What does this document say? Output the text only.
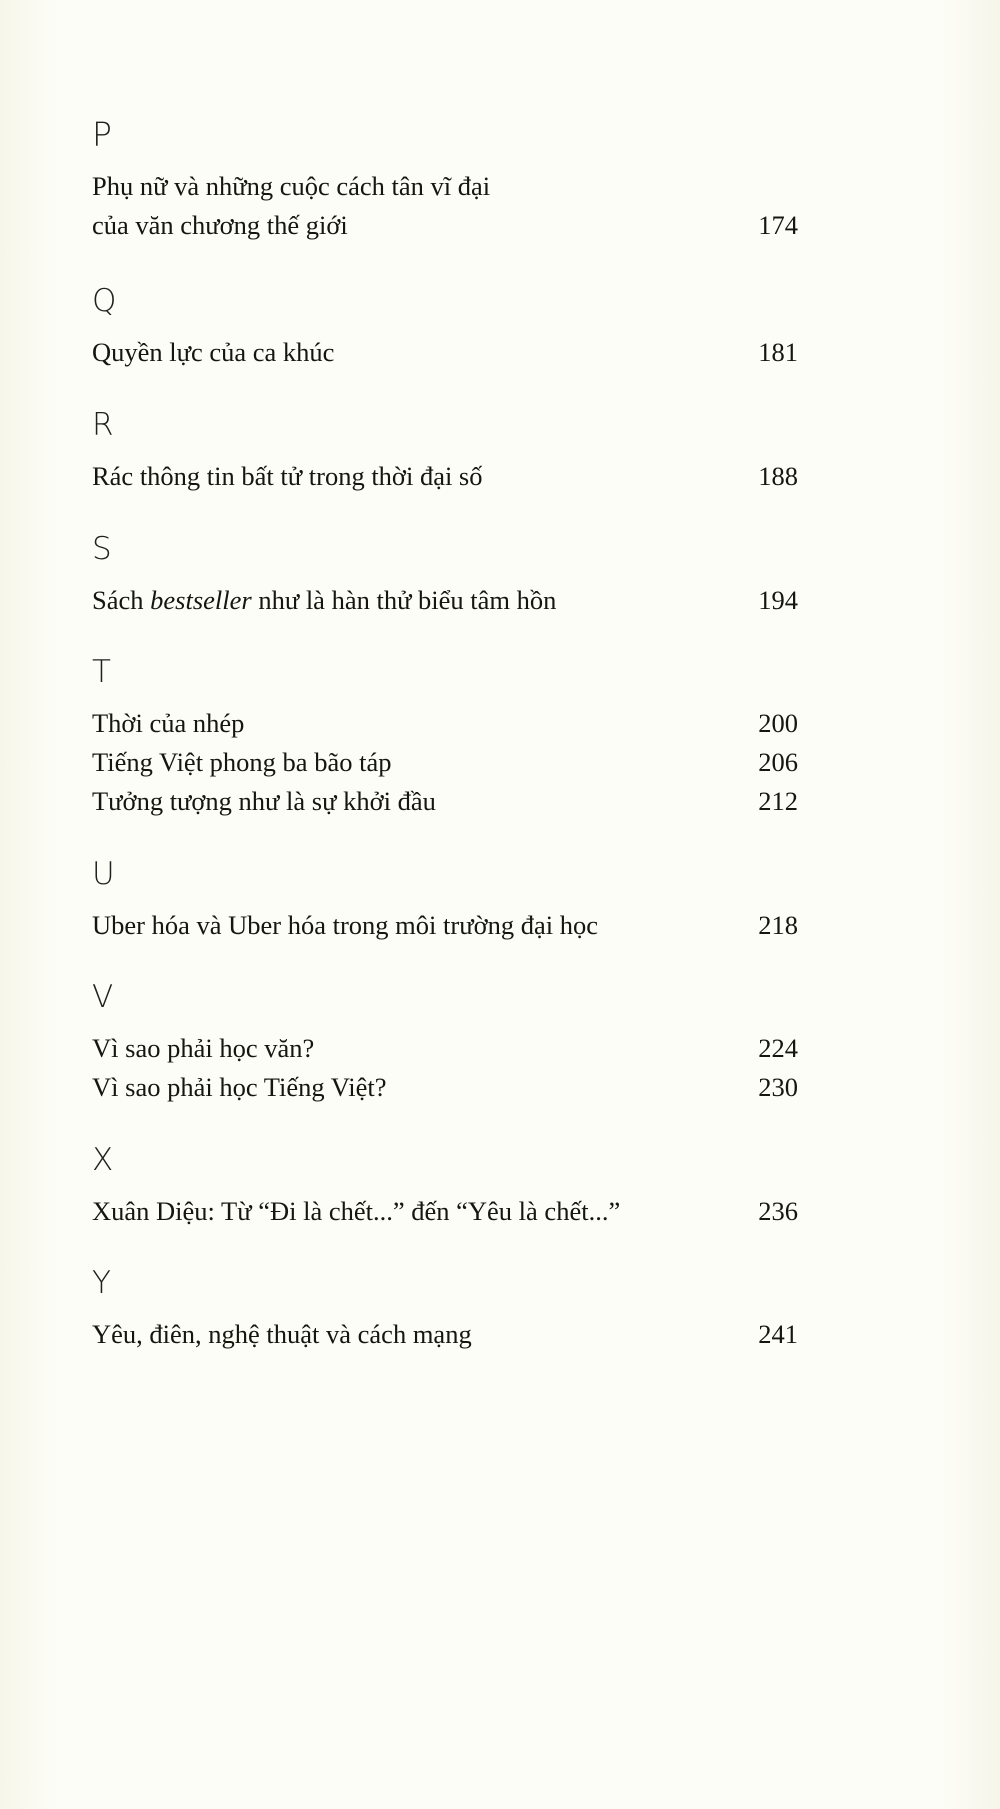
P
Phụ nữ và những cuộc cách tân vĩ đại
của văn chương thế giới	174
Q
Quyền lực của ca khúc	181
R
Rác thông tin bất tử trong thời đại số	188
S
Sách bestseller như là hàn thử biểu tâm hồn	194
T
Thời của nhép	200
Tiếng Việt phong ba bão táp	206
Tưởng tượng như là sự khởi đầu	212
U
Uber hóa và Uber hóa trong môi trường đại học	218
V
Vì sao phải học văn?	224
Vì sao phải học Tiếng Việt?	230
X
Xuân Diệu: Từ “Đi là chết...” đến “Yêu là chết...”	236
Y
Yêu, điên, nghệ thuật và cách mạng	241
